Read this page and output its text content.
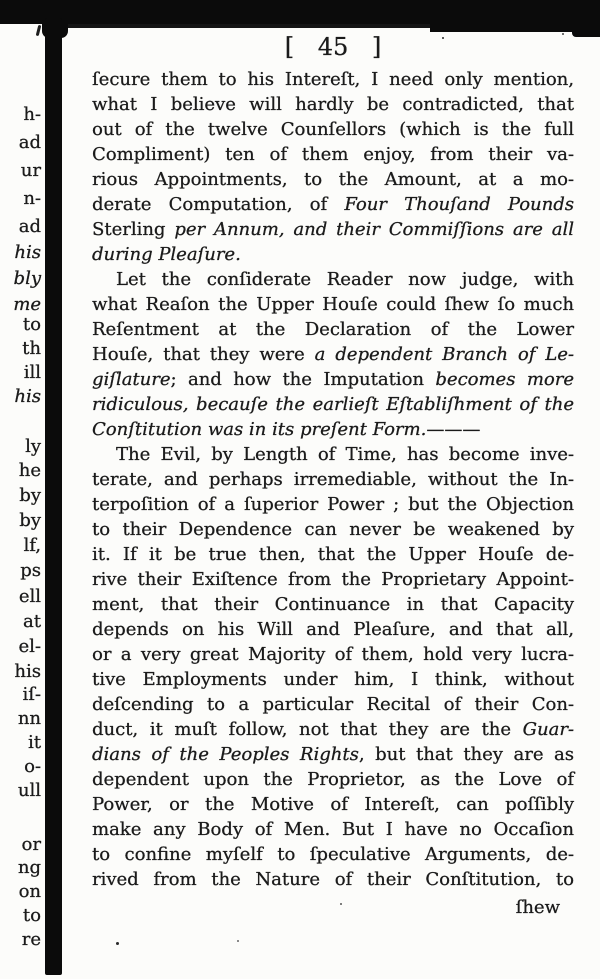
h-
ad
ur
n-
ad
his
bly
me
to
th
ill
his
ly
he
by
by
lf,
ps
ell
at
el-
his
iſ-
nn
it
o-
ull
or
ng
on
to
re
[ 45 ]
ſecure them to his Intereſt, I need only mention,
what I believe will hardly be contradicted, that
out of the twelve Counſellors (which is the full
Compliment) ten of them enjoy, from their va-
rious Appointments, to the Amount, at a mo-
derate Computation, of Four Thouſand Pounds
Sterling per Annum, and their Commiſſions are all
during Pleaſure.
Let the conſiderate Reader now judge, with
what Reaſon the Upper Houſe could ſhew ſo much
Reſentment at the Declaration of the Lower
Houſe, that they were a dependent Branch of Le-
giſlature; and how the Imputation becomes more
ridiculous, becauſe the earlieſt Eſtabliſhment of the
Conſtitution was in its preſent Form.———
The Evil, by Length of Time, has become inve-
terate, and perhaps irremediable, without the In-
terpoſition of a ſuperior Power ; but the Objection
to their Dependence can never be weakened by
it. If it be true then, that the Upper Houſe de-
rive their Exiſtence from the Proprietary Appoint-
ment, that their Continuance in that Capacity
depends on his Will and Pleaſure, and that all,
or a very great Majority of them, hold very lucra-
tive Employments under him, I think, without
deſcending to a particular Recital of their Con-
duct, it muſt follow, not that they are the Guar-
dians of the Peoples Rights, but that they are as
dependent upon the Proprietor, as the Love of
Power, or the Motive of Intereſt, can poſſibly
make any Body of Men. But I have no Occaſion
to confine myſelf to ſpeculative Arguments, de-
rived from the Nature of their Conſtitution, to
ſhew
